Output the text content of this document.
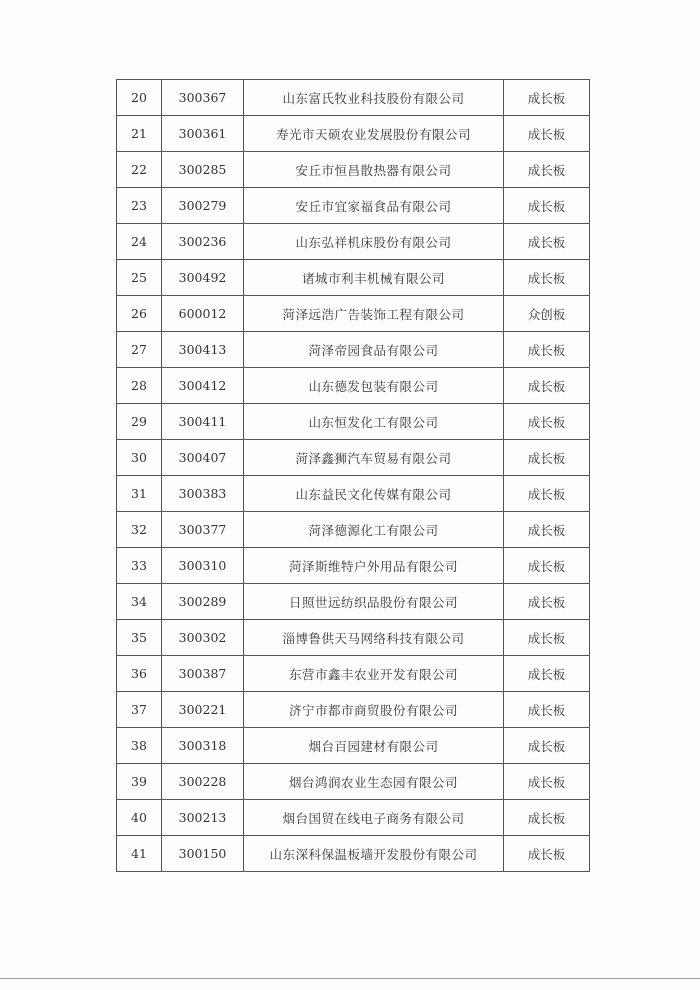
20	300367	山东富氏牧业科技股份有限公司	成长板
21	300361	寿光市天硕农业发展股份有限公司	成长板
22	300285	安丘市恒昌散热器有限公司	成长板
23	300279	安丘市宜家福食品有限公司	成长板
24	300236	山东弘祥机床股份有限公司	成长板
25	300492	诸城市利丰机械有限公司	成长板
26	600012	菏泽远浩广告装饰工程有限公司	众创板
27	300413	菏泽帝园食品有限公司	成长板
28	300412	山东德发包装有限公司	成长板
29	300411	山东恒发化工有限公司	成长板
30	300407	菏泽鑫狮汽车贸易有限公司	成长板
31	300383	山东益民文化传媒有限公司	成长板
32	300377	菏泽德源化工有限公司	成长板
33	300310	菏泽斯维特户外用品有限公司	成长板
34	300289	日照世远纺织品股份有限公司	成长板
35	300302	淄博鲁供天马网络科技有限公司	成长板
36	300387	东营市鑫丰农业开发有限公司	成长板
37	300221	济宁市都市商贸股份有限公司	成长板
38	300318	烟台百园建材有限公司	成长板
39	300228	烟台鸿润农业生态园有限公司	成长板
40	300213	烟台国贸在线电子商务有限公司	成长板
41	300150	山东深科保温板墙开发股份有限公司	成长板
